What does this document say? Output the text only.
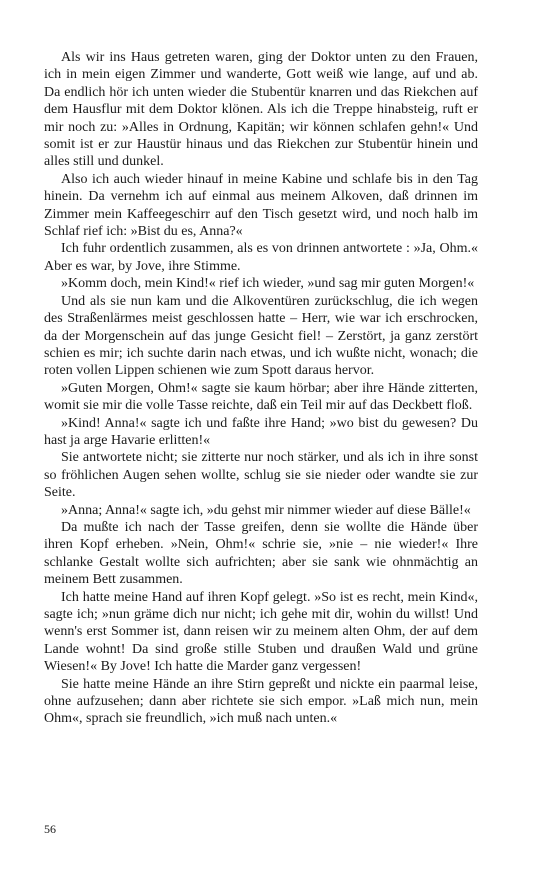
Als wir ins Haus getreten waren, ging der Doktor unten zu den Frauen, ich in mein eigen Zimmer und wanderte, Gott weiß wie lange, auf und ab. Da endlich hör ich unten wieder die Stubentür knarren und das Riekchen auf dem Hausflur mit dem Doktor klönen. Als ich die Treppe hinabsteig, ruft er mir noch zu: »Alles in Ordnung, Kapitän; wir können schlafen gehn!« Und somit ist er zur Haustür hinaus und das Riekchen zur Stubentür hinein und alles still und dunkel.

Also ich auch wieder hinauf in meine Kabine und schlafe bis in den Tag hinein. Da vernehm ich auf einmal aus meinem Alkoven, daß drinnen im Zimmer mein Kaffeegeschirr auf den Tisch gesetzt wird, und noch halb im Schlaf rief ich: »Bist du es, Anna?«

Ich fuhr ordentlich zusammen, als es von drinnen antwortete : »Ja, Ohm.« Aber es war, by Jove, ihre Stimme.

»Komm doch, mein Kind!« rief ich wieder, »und sag mir guten Morgen!«

Und als sie nun kam und die Alkoventüren zurückschlug, die ich wegen des Straßenlärmes meist geschlossen hatte – Herr, wie war ich erschrocken, da der Morgenschein auf das junge Gesicht fiel! – Zerstört, ja ganz zerstört schien es mir; ich suchte darin nach etwas, und ich wußte nicht, wonach; die roten vollen Lippen schienen wie zum Spott daraus hervor.

»Guten Morgen, Ohm!« sagte sie kaum hörbar; aber ihre Hände zitterten, womit sie mir die volle Tasse reichte, daß ein Teil mir auf das Deckbett floß.

»Kind! Anna!« sagte ich und faßte ihre Hand; »wo bist du gewesen? Du hast ja arge Havarie erlitten!«

Sie antwortete nicht; sie zitterte nur noch stärker, und als ich in ihre sonst so fröhlichen Augen sehen wollte, schlug sie sie nieder oder wandte sie zur Seite.

»Anna; Anna!« sagte ich, »du gehst mir nimmer wieder auf diese Bälle!«

Da mußte ich nach der Tasse greifen, denn sie wollte die Hände über ihren Kopf erheben. »Nein, Ohm!« schrie sie, »nie – nie wieder!« Ihre schlanke Gestalt wollte sich aufrichten; aber sie sank wie ohnmächtig an meinem Bett zusammen.

Ich hatte meine Hand auf ihren Kopf gelegt. »So ist es recht, mein Kind«, sagte ich; »nun gräme dich nur nicht; ich gehe mit dir, wohin du willst! Und wenn's erst Sommer ist, dann reisen wir zu meinem alten Ohm, der auf dem Lande wohnt! Da sind große stille Stuben und draußen Wald und grüne Wiesen!« By Jove! Ich hatte die Marder ganz vergessen!

Sie hatte meine Hände an ihre Stirn gepreßt und nickte ein paarmal leise, ohne aufzusehen; dann aber richtete sie sich empor. »Laß mich nun, mein Ohm«, sprach sie freundlich, »ich muß nach unten.«

56
